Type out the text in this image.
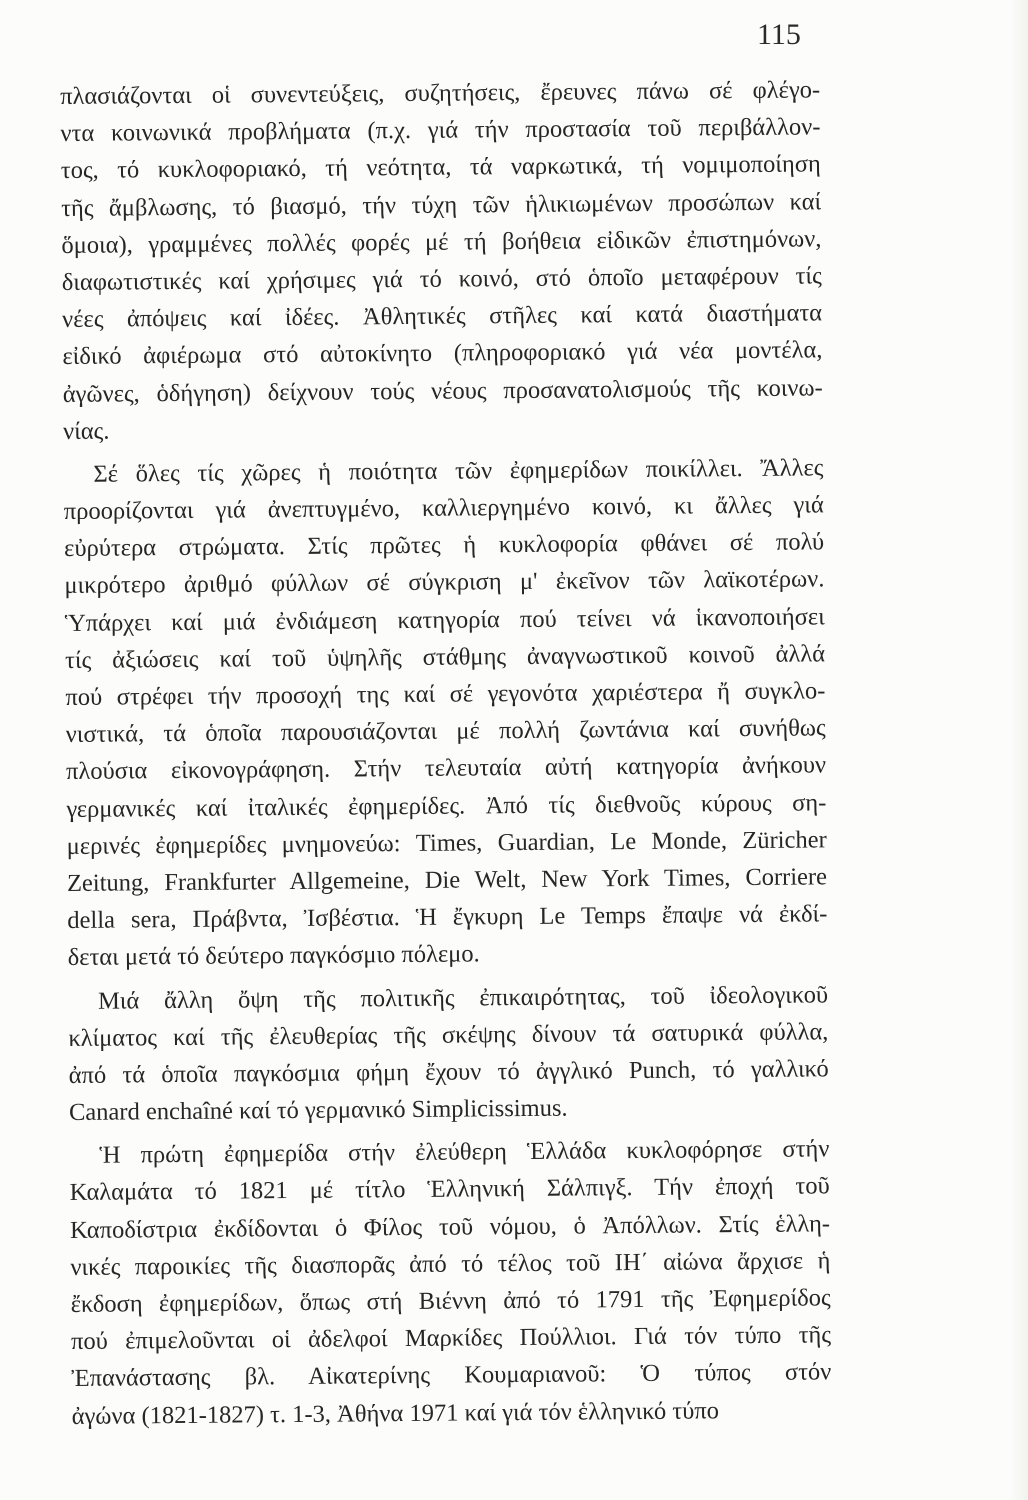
115
πλασιάζονται οἱ συνεντεύξεις, συζητήσεις, ἔρευνες πάνω σέ φλέγο-
ντα κοινωνικά προβλήματα (π.χ. γιά τήν προστασία τοῦ περιβάλλον-
τος, τό κυκλοφοριακό, τή νεότητα, τά ναρκωτικά, τή νομιμοποίηση
τῆς ἄμβλωσης, τό βιασμό, τήν τύχη τῶν ἡλικιωμένων προσώπων καί
ὅμοια), γραμμένες πολλές φορές μέ τή βοήθεια εἰδικῶν ἐπιστημόνων,
διαφωτιστικές καί χρήσιμες γιά τό κοινό, στό ὁποῖο μεταφέρουν τίς
νέες ἀπόψεις καί ἰδέες. Ἀθλητικές στῆλες καί κατά διαστήματα
εἰδικό ἀφιέρωμα στό αὐτοκίνητο (πληροφοριακό γιά νέα μοντέλα,
ἀγῶνες, ὁδήγηση) δείχνουν τούς νέους προσανατολισμούς τῆς κοινω-
νίας.
Σέ ὅλες τίς χῶρες ἡ ποιότητα τῶν ἐφημερίδων ποικίλλει. Ἄλλες
προορίζονται γιά ἀνεπτυγμένο, καλλιεργημένο κοινό, κι ἄλλες γιά
εὐρύτερα στρώματα. Στίς πρῶτες ἡ κυκλοφορία φθάνει σέ πολύ
μικρότερο ἀριθμό φύλλων σέ σύγκριση μ' ἐκεῖνον τῶν λαϊκοτέρων.
Ὑπάρχει καί μιά ἐνδιάμεση κατηγορία πού τείνει νά ἱκανοποιήσει
τίς ἀξιώσεις καί τοῦ ὑψηλῆς στάθμης ἀναγνωστικοῦ κοινοῦ ἀλλά
πού στρέφει τήν προσοχή της καί σέ γεγονότα χαριέστερα ἤ συγκλο-
νιστικά, τά ὁποῖα παρουσιάζονται μέ πολλή ζωντάνια καί συνήθως
πλούσια εἰκονογράφηση. Στήν τελευταία αὐτή κατηγορία ἀνήκουν
γερμανικές καί ἰταλικές ἐφημερίδες. Ἀπό τίς διεθνοῦς κύρους ση-
μερινές ἐφημερίδες μνημονεύω: Times, Guardian, Le Monde, Züricher
Zeitung, Frankfurter Allgemeine, Die Welt, New York Times, Corriere
della sera, Πράβντα, Ἰσβέστια. Ἡ ἔγκυρη Le Temps ἔπαψε νά ἐκδί-
δεται μετά τό δεύτερο παγκόσμιο πόλεμο.
Μιά ἄλλη ὄψη τῆς πολιτικῆς ἐπικαιρότητας, τοῦ ἰδεολογικοῦ
κλίματος καί τῆς ἐλευθερίας τῆς σκέψης δίνουν τά σατυρικά φύλλα,
ἀπό τά ὁποῖα παγκόσμια φήμη ἔχουν τό ἀγγλικό Punch, τό γαλλικό
Canard enchaîné καί τό γερμανικό Simplicissimus.
Ἡ πρώτη ἐφημερίδα στήν ἐλεύθερη Ἑλλάδα κυκλοφόρησε στήν
Καλαμάτα τό 1821 μέ τίτλο Ἑλληνική Σάλπιγξ. Τήν ἐποχή τοῦ
Καποδίστρια ἐκδίδονται ὁ Φίλος τοῦ νόμου, ὁ Ἀπόλλων. Στίς ἑλλη-
νικές παροικίες τῆς διασπορᾶς ἀπό τό τέλος τοῦ ΙΗ΄ αἰώνα ἄρχισε ἡ
ἔκδοση ἐφημερίδων, ὅπως στή Βιέννη ἀπό τό 1791 τῆς Ἐφημερίδος
πού ἐπιμελοῦνται οἱ ἀδελφοί Μαρκίδες Πούλλιοι. Γιά τόν τύπο τῆς
Ἐπανάστασης βλ. Αἰκατερίνης Κουμαριανοῦ: Ὁ τύπος στόν
ἀγώνα (1821-1827) τ. 1-3, Ἀθήνα 1971 καί γιά τόν ἑλληνικό τύπο
